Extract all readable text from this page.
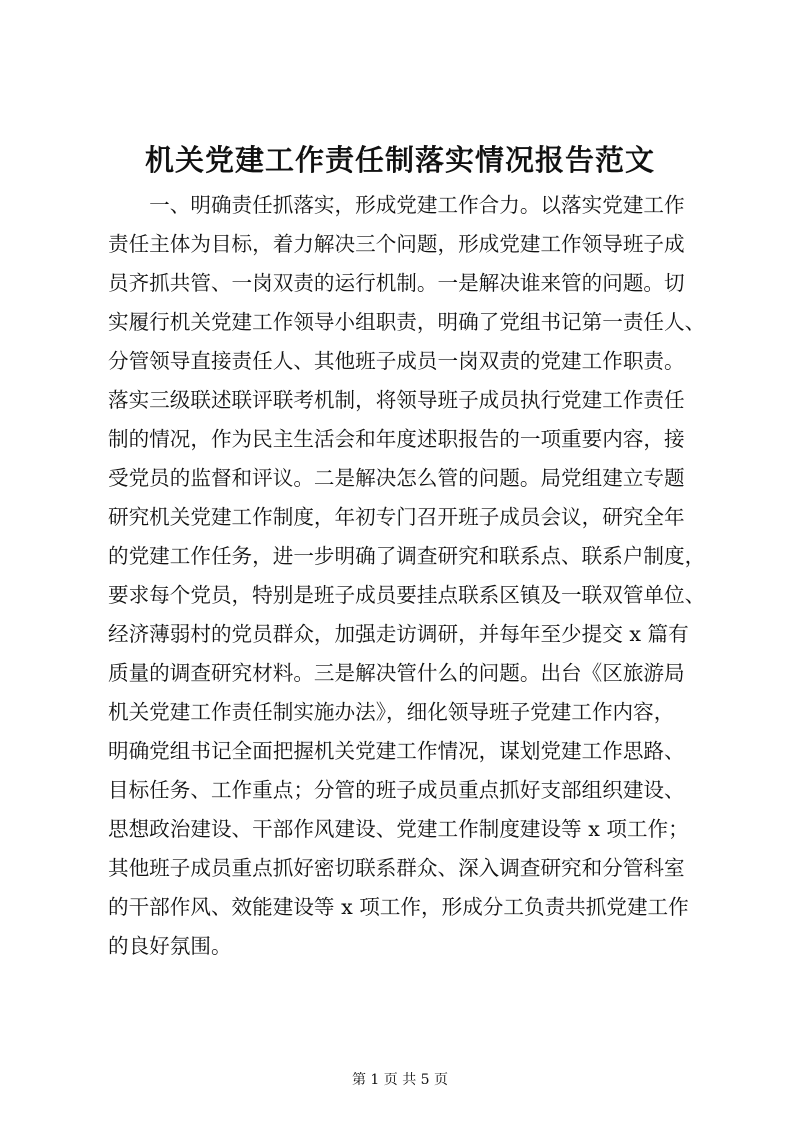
机关党建工作责任制落实情况报告范文
　　一、明确责任抓落实，形成党建工作合力。以落实党建工作
责任主体为目标，着力解决三个问题，形成党建工作领导班子成
员齐抓共管、一岗双责的运行机制。一是解决谁来管的问题。切
实履行机关党建工作领导小组职责，明确了党组书记第一责任人、
分管领导直接责任人、其他班子成员一岗双责的党建工作职责。
落实三级联述联评联考机制，将领导班子成员执行党建工作责任
制的情况，作为民主生活会和年度述职报告的一项重要内容，接
受党员的监督和评议。二是解决怎么管的问题。局党组建立专题
研究机关党建工作制度，年初专门召开班子成员会议，研究全年
的党建工作任务，进一步明确了调查研究和联系点、联系户制度，
要求每个党员，特别是班子成员要挂点联系区镇及一联双管单位、
经济薄弱村的党员群众，加强走访调研，并每年至少提交 x 篇有
质量的调查研究材料。三是解决管什么的问题。出台《区旅游局
机关党建工作责任制实施办法》，细化领导班子党建工作内容，
明确党组书记全面把握机关党建工作情况，谋划党建工作思路、
目标任务、工作重点；分管的班子成员重点抓好支部组织建设、
思想政治建设、干部作风建设、党建工作制度建设等 x 项工作；
其他班子成员重点抓好密切联系群众、深入调查研究和分管科室
的干部作风、效能建设等 x 项工作，形成分工负责共抓党建工作
的良好氛围。
第 1 页 共 5 页
